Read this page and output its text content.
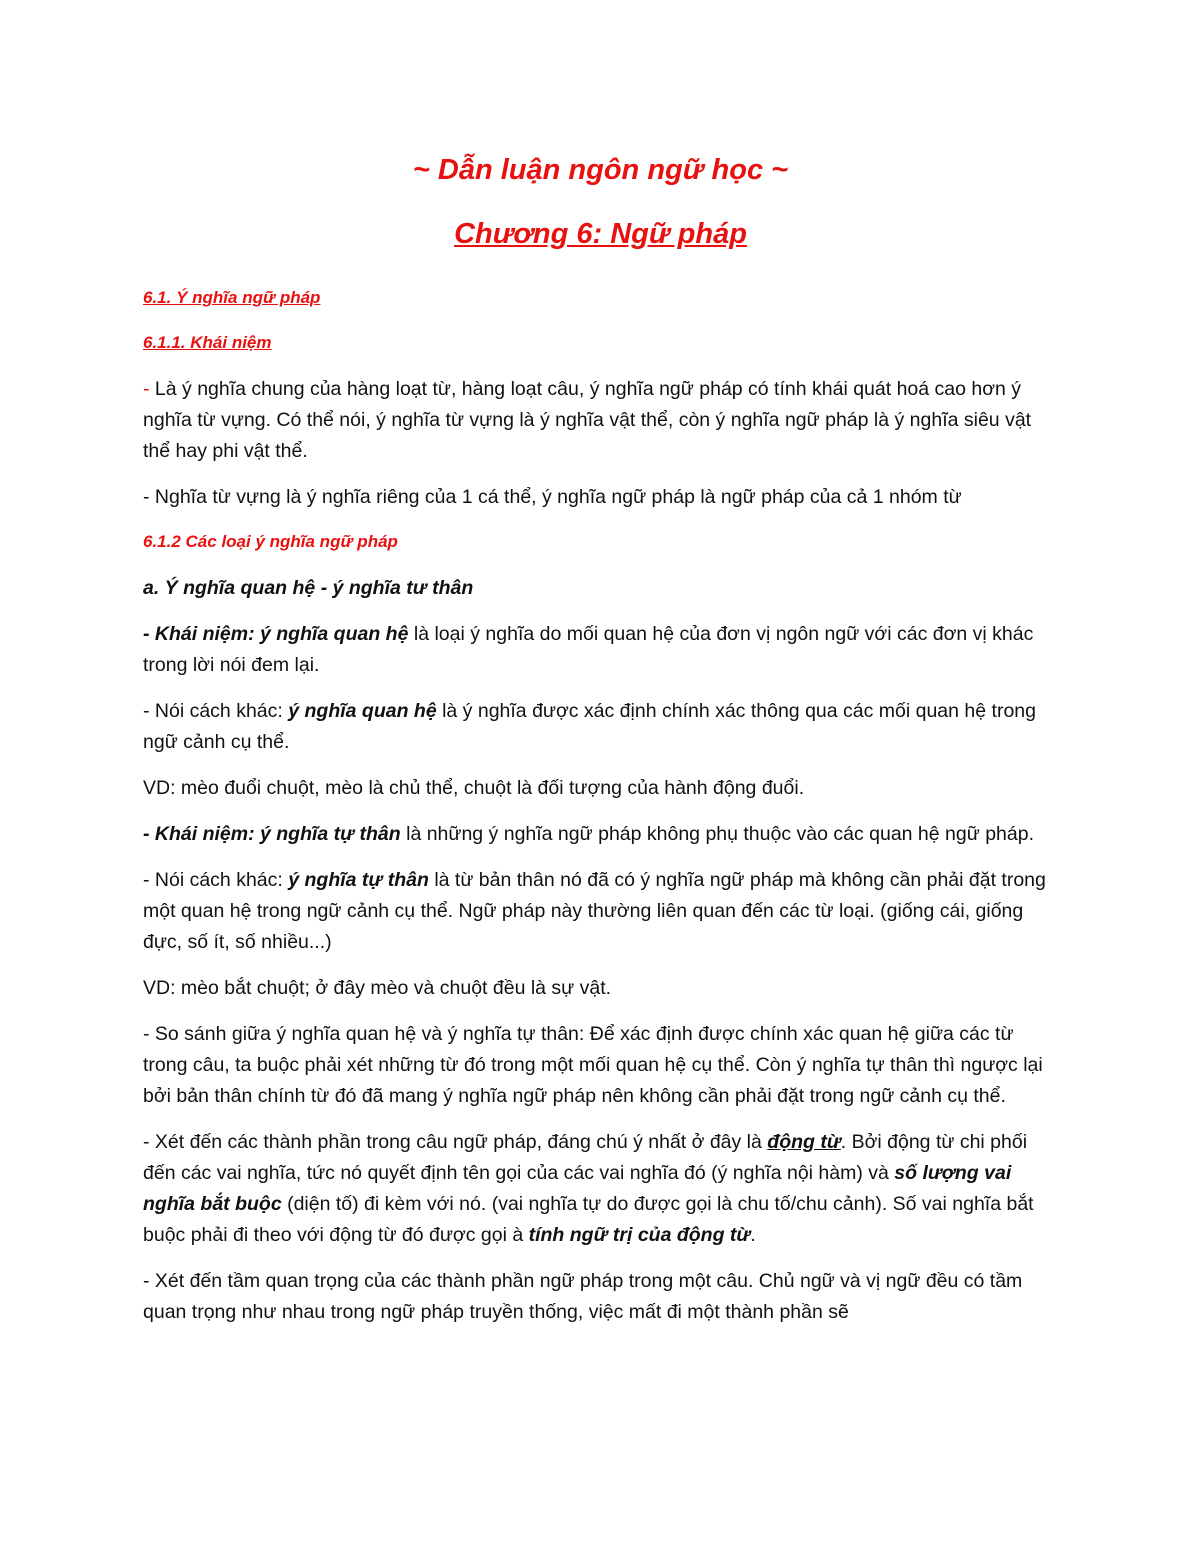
~ Dẫn luận ngôn ngữ học ~
Chương 6: Ngữ pháp
6.1. Ý nghĩa ngữ pháp
6.1.1. Khái niệm

- Là ý nghĩa chung của hàng loạt từ, hàng loạt câu, ý nghĩa ngữ pháp có tính khái quát hoá cao hơn ý nghĩa từ vựng. Có thể nói, ý nghĩa từ vựng là ý nghĩa vật thể, còn ý nghĩa ngữ pháp là ý nghĩa siêu vật thể hay phi vật thể.

- Nghĩa từ vựng là ý nghĩa riêng của 1 cá thể, ý nghĩa ngữ pháp là ngữ pháp của cả 1 nhóm từ

6.1.2 Các loại ý nghĩa ngữ pháp

a. Ý nghĩa quan hệ - ý nghĩa tư thân

- Khái niệm: ý nghĩa quan hệ là loại ý nghĩa do mối quan hệ của đơn vị ngôn ngữ với các đơn vị khác trong lời nói đem lại.

- Nói cách khác: ý nghĩa quan hệ là ý nghĩa được xác định chính xác thông qua các mối quan hệ trong ngữ cảnh cụ thể.

VD: mèo đuổi chuột, mèo là chủ thể, chuột là đối tượng của hành động đuổi.

- Khái niệm: ý nghĩa tự thân là những ý nghĩa ngữ pháp không phụ thuộc vào các quan hệ ngữ pháp.

- Nói cách khác: ý nghĩa tự thân là từ bản thân nó đã có ý nghĩa ngữ pháp mà không cần phải đặt trong một quan hệ trong ngữ cảnh cụ thể. Ngữ pháp này thường liên quan đến các từ loại. (giống cái, giống đực, số ít, số nhiều...)

VD: mèo bắt chuột; ở đây mèo và chuột đều là sự vật.

- So sánh giữa ý nghĩa quan hệ và ý nghĩa tự thân: Để xác định được chính xác quan hệ giữa các từ trong câu, ta buộc phải xét những từ đó trong một mối quan hệ cụ thể. Còn ý nghĩa tự thân thì ngược lại bởi bản thân chính từ đó đã mang ý nghĩa ngữ pháp nên không cần phải đặt trong ngữ cảnh cụ thể.

- Xét đến các thành phần trong câu ngữ pháp, đáng chú ý nhất ở đây là động từ. Bởi động từ chi phối đến các vai nghĩa, tức nó quyết định tên gọi của các vai nghĩa đó (ý nghĩa nội hàm) và số lượng vai nghĩa bắt buộc (diện tố) đi kèm với nó. (vai nghĩa tự do được gọi là chu tố/chu cảnh). Số vai nghĩa bắt buộc phải đi theo với động từ đó được gọi à tính ngữ trị của động từ.

- Xét đến tầm quan trọng của các thành phần ngữ pháp trong một câu. Chủ ngữ và vị ngữ đều có tầm quan trọng như nhau trong ngữ pháp truyền thống, việc mất đi một thành phần sẽ
